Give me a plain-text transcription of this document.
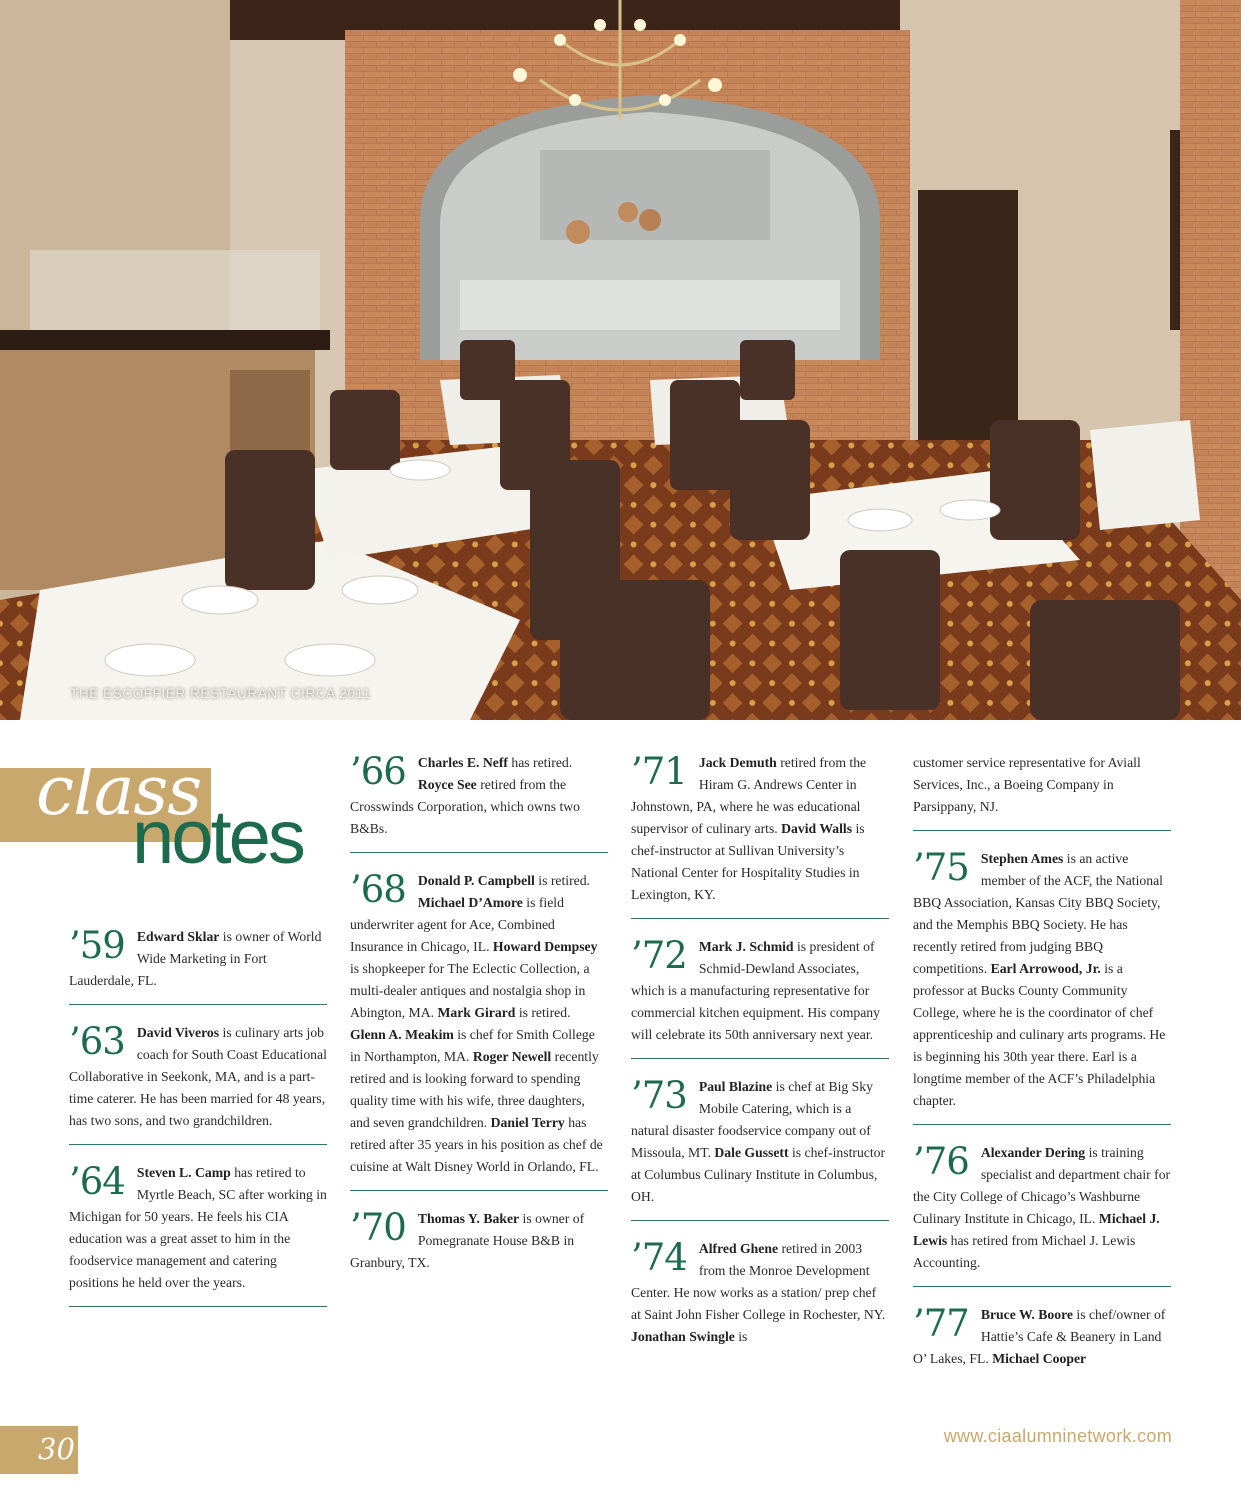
THE ESCOFFIER RESTAURANT CIRCA 2011
class
notes
’59 Edward Sklar is owner of World Wide Marketing in Fort Lauderdale, FL.
’63 David Viveros is culinary arts job coach for South Coast Educational Collaborative in Seekonk, MA, and is a part-time caterer. He has been married for 48 years, has two sons, and two grandchildren.
’64 Steven L. Camp has retired to Myrtle Beach, SC after working in Michigan for 50 years. He feels his CIA education was a great asset to him in the foodservice management and catering positions he held over the years.
’66 Charles E. Neff has retired. Royce See retired from the Crosswinds Corporation, which owns two B&Bs.
’68 Donald P. Campbell is retired. Michael D’Amore is field underwriter agent for Ace, Combined Insurance in Chicago, IL. Howard Dempsey is shopkeeper for The Eclectic Collection, a multi-dealer antiques and nostalgia shop in Abington, MA. Mark Girard is retired. Glenn A. Meakim is chef for Smith College in Northampton, MA. Roger Newell recently retired and is looking forward to spending quality time with his wife, three daughters, and seven grandchildren. Daniel Terry has retired after 35 years in his position as chef de cuisine at Walt Disney World in Orlando, FL.
’70 Thomas Y. Baker is owner of Pomegranate House B&B in Granbury, TX.
’71 Jack Demuth retired from the Hiram G. Andrews Center in Johnstown, PA, where he was educational supervisor of culinary arts. David Walls is chef-instructor at Sullivan University’s National Center for Hospitality Studies in Lexington, KY.
’72 Mark J. Schmid is president of Schmid-Dewland Associates, which is a manufacturing representative for commercial kitchen equipment. His company will celebrate its 50th anniversary next year.
’73 Paul Blazine is chef at Big Sky Mobile Catering, which is a natural disaster foodservice company out of Missoula, MT. Dale Gussett is chef-instructor at Columbus Culinary Institute in Columbus, OH.
’74 Alfred Ghene retired in 2003 from the Monroe Development Center. He now works as a station/ prep chef at Saint John Fisher College in Rochester, NY. Jonathan Swingle is
customer service representative for Aviall Services, Inc., a Boeing Company in Parsippany, NJ.
’75 Stephen Ames is an active member of the ACF, the National BBQ Association, Kansas City BBQ Society, and the Memphis BBQ Society. He has recently retired from judging BBQ competitions. Earl Arrowood, Jr. is a professor at Bucks County Community College, where he is the coordinator of chef apprenticeship and culinary arts programs. He is beginning his 30th year there. Earl is a longtime member of the ACF’s Philadelphia chapter.
’76 Alexander Dering is training specialist and department chair for the City College of Chicago’s Washburne Culinary Institute in Chicago, IL. Michael J. Lewis has retired from Michael J. Lewis Accounting.
’77 Bruce W. Boore is chef/owner of Hattie’s Cafe & Beanery in Land O’ Lakes, FL. Michael Cooper
30	www.ciaalumninetwork.com
